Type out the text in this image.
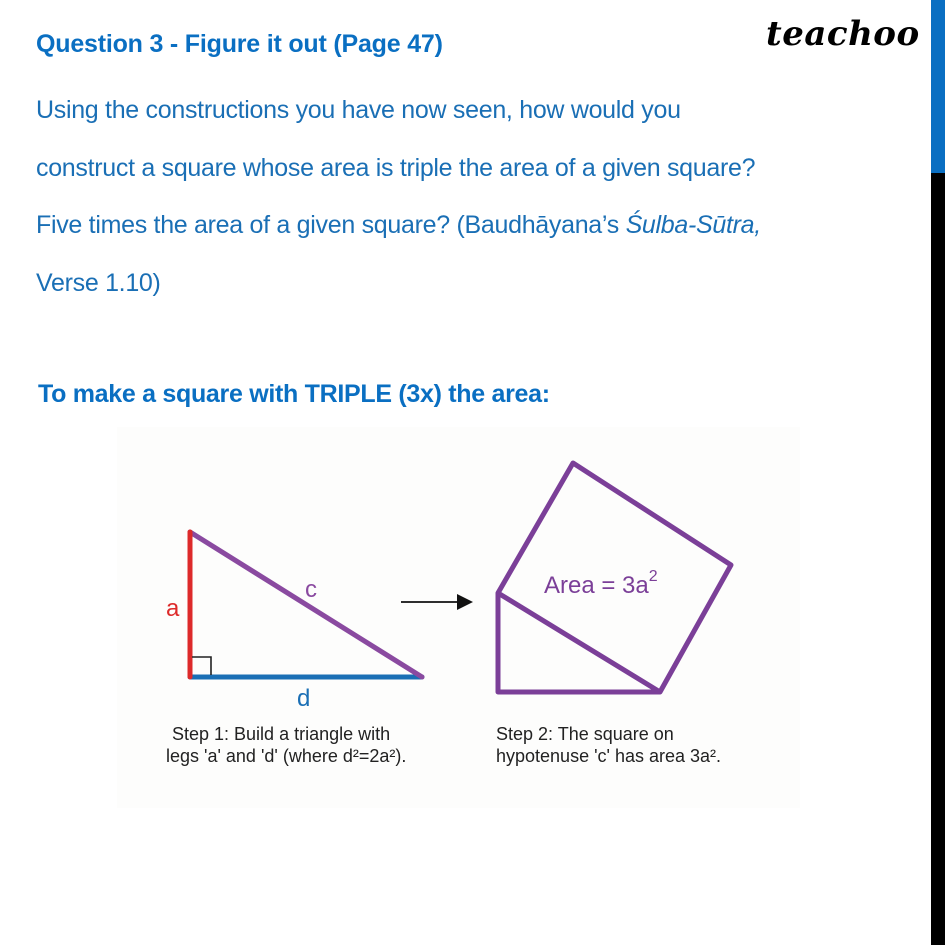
teachoo
Question 3 - Figure it out (Page 47)
Using the constructions you have now seen, how would you
construct a square whose area is triple the area of a given square?
Five times the area of a given square? (Baudhāyana’s Śulba-Sūtra,
Verse 1.10)
To make a square with TRIPLE (3x) the area:
a
c
d
Area = $3a^2$
Step 1: Build a triangle with
legs 'a' and 'd' (where d²=2a²).
Step 2: The square on
hypotenuse 'c' has area 3a².
